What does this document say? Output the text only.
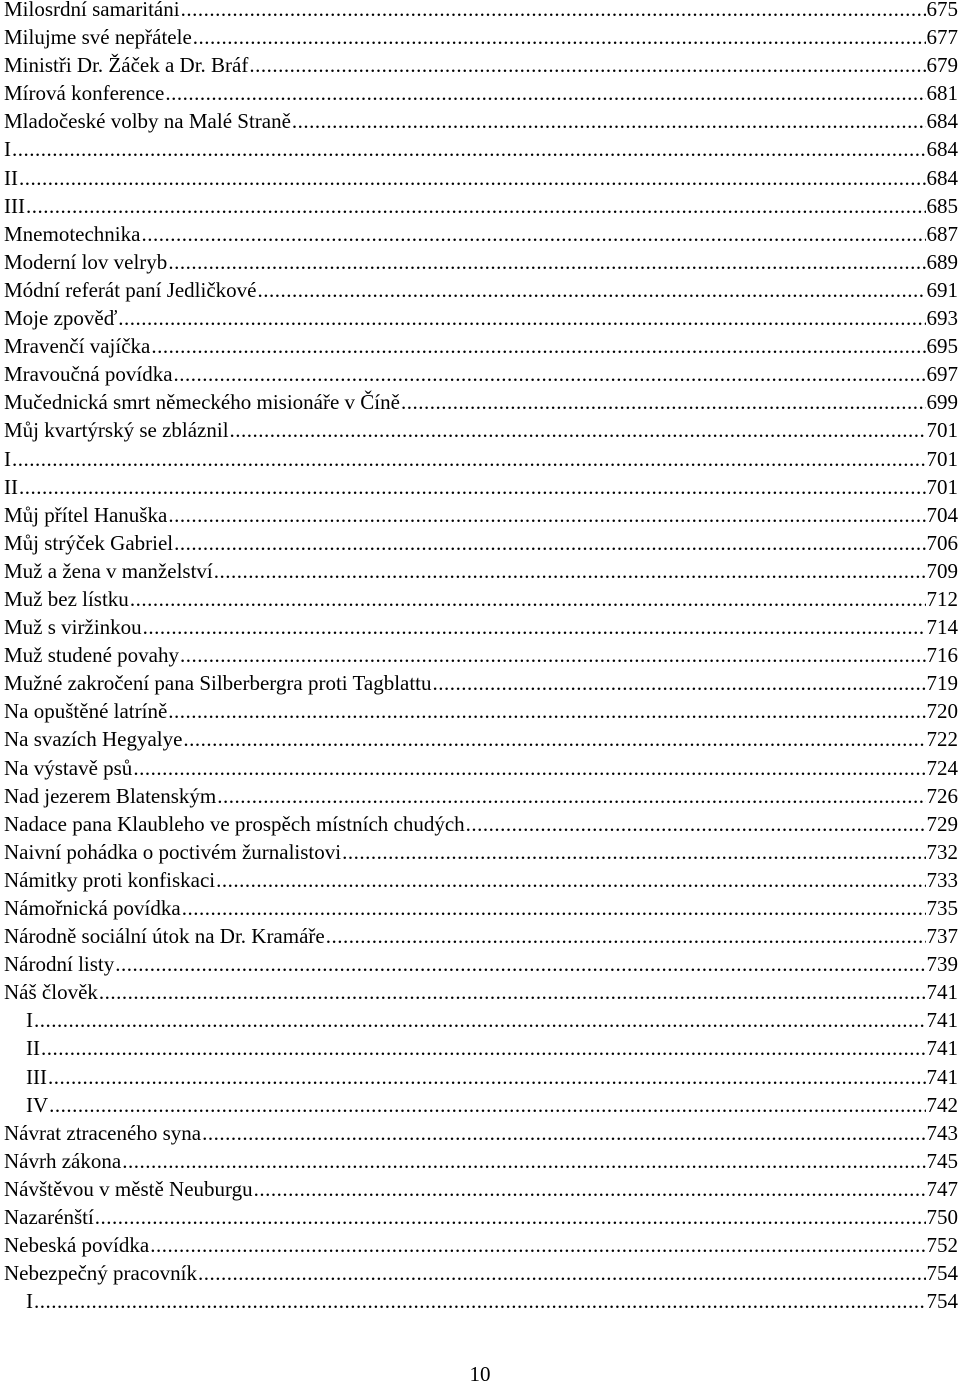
Milosrdní samaritáni .....	675
Milujme své nepřátele .....	677
Ministři Dr. Žáček a Dr. Bráf .....	679
Mírová konference .....	681
Mladočeské volby na Malé Straně .....	684
I .....	684
II .....	684
III .....	685
Mnemotechnika .....	687
Moderní lov velryb .....	689
Módní referát paní Jedličkové .....	691
Moje zpověď .....	693
Mravenčí vajíčka .....	695
Mravoučná povídka .....	697
Mučednická smrt německého misionáře v Číně .....	699
Můj kvartýrský se zbláznil .....	701
I .....	701
II .....	701
Můj přítel Hanuška .....	704
Můj strýček Gabriel .....	706
Muž a žena v manželství .....	709
Muž bez lístku .....	712
Muž s viržinkou .....	714
Muž studené povahy .....	716
Mužné zakročení pana Silberbergra proti Tagblattu .....	719
Na opuštěné latríně .....	720
Na svazích Hegyalye .....	722
Na výstavě psů .....	724
Nad jezerem Blatenským .....	726
Nadace pana Klaubleho ve prospěch místních chudých .....	729
Naivní pohádka o poctivém žurnalistovi .....	732
Námitky proti konfiskaci .....	733
Námořnická povídka .....	735
Národně sociální útok na Dr. Kramáře .....	737
Národní listy .....	739
Náš člověk .....	741
I .....	741
II .....	741
III .....	741
IV .....	742
Návrat ztraceného syna .....	743
Návrh zákona .....	745
Návštěvou v městě Neuburgu .....	747
Nazarénští .....	750
Nebeská povídka .....	752
Nebezpečný pracovník .....	754
I .....	754
10
